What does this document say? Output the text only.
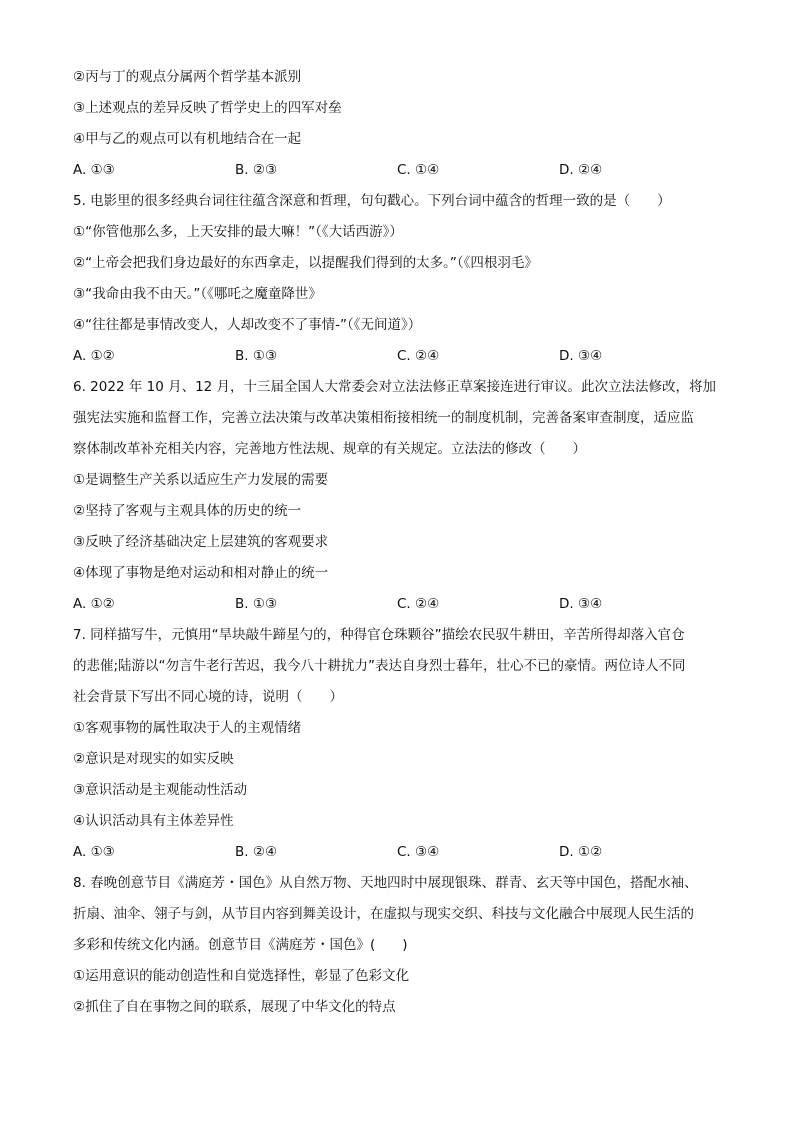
②丙与丁的观点分属两个哲学基本派别
③上述观点的差异反映了哲学史上的四军对垒
④甲与乙的观点可以有机地结合在一起
A. ①③	B. ②③	C. ①④	D. ②④
5. 电影里的很多经典台词往往蕴含深意和哲理，句句戳心。下列台词中蕴含的哲理一致的是（　　）
①“你管他那么多，上天安排的最大嘛！”（《大话西游》）
②“上帝会把我们身边最好的东西拿走，以提醒我们得到的太多。”（《四根羽毛》
③“我命由我不由天。”（《哪吒之魔童降世》
④“往往都是事情改变人，人却改变不了事情-”（《无间道》）
A. ①②	B. ①③	C. ②④	D. ③④
6. 2022 年 10 月、12 月，十三届全国人大常委会对立法法修正草案接连进行审议。此次立法法修改，将加
强宪法实施和监督工作，完善立法决策与改革决策相衔接相统一的制度机制，完善备案审查制度，适应监
察体制改革补充相关内容，完善地方性法规、规章的有关规定。立法法的修改（　　）
①是调整生产关系以适应生产力发展的需要
②坚持了客观与主观具体的历史的统一
③反映了经济基础决定上层建筑的客观要求
④体现了事物是绝对运动和相对静止的统一
A. ①②	B. ①③	C. ②④	D. ③④
7. 同样描写牛，元慎用“旱块敲牛蹄星勺的，种得官仓珠颗谷”描绘农民驭牛耕田，辛苦所得却落入官仓
的悲催;陆游以“勿言牛老行苦迟，我今八十耕扰力”表达自身烈士暮年，壮心不已的豪情。两位诗人不同
社会背景下写出不同心境的诗，说明（　　）
①客观事物的属性取决于人的主观情绪
②意识是对现实的如实反映
③意识活动是主观能动性活动
④认识活动具有主体差异性
A. ①③	B. ②④	C. ③④	D. ①②
8. 春晚创意节目《满庭芳・国色》从自然万物、天地四时中展现银珠、群青、玄天等中国色，搭配水袖、
折扇、油伞、翎子与剑，从节目内容到舞美设计，在虚拟与现实交织、科技与文化融合中展现人民生活的
多彩和传统文化内涵。创意节目《满庭芳・国色》(　　)
①运用意识的能动创造性和自觉选择性，彰显了色彩文化
②抓住了自在事物之间的联系，展现了中华文化的特点
